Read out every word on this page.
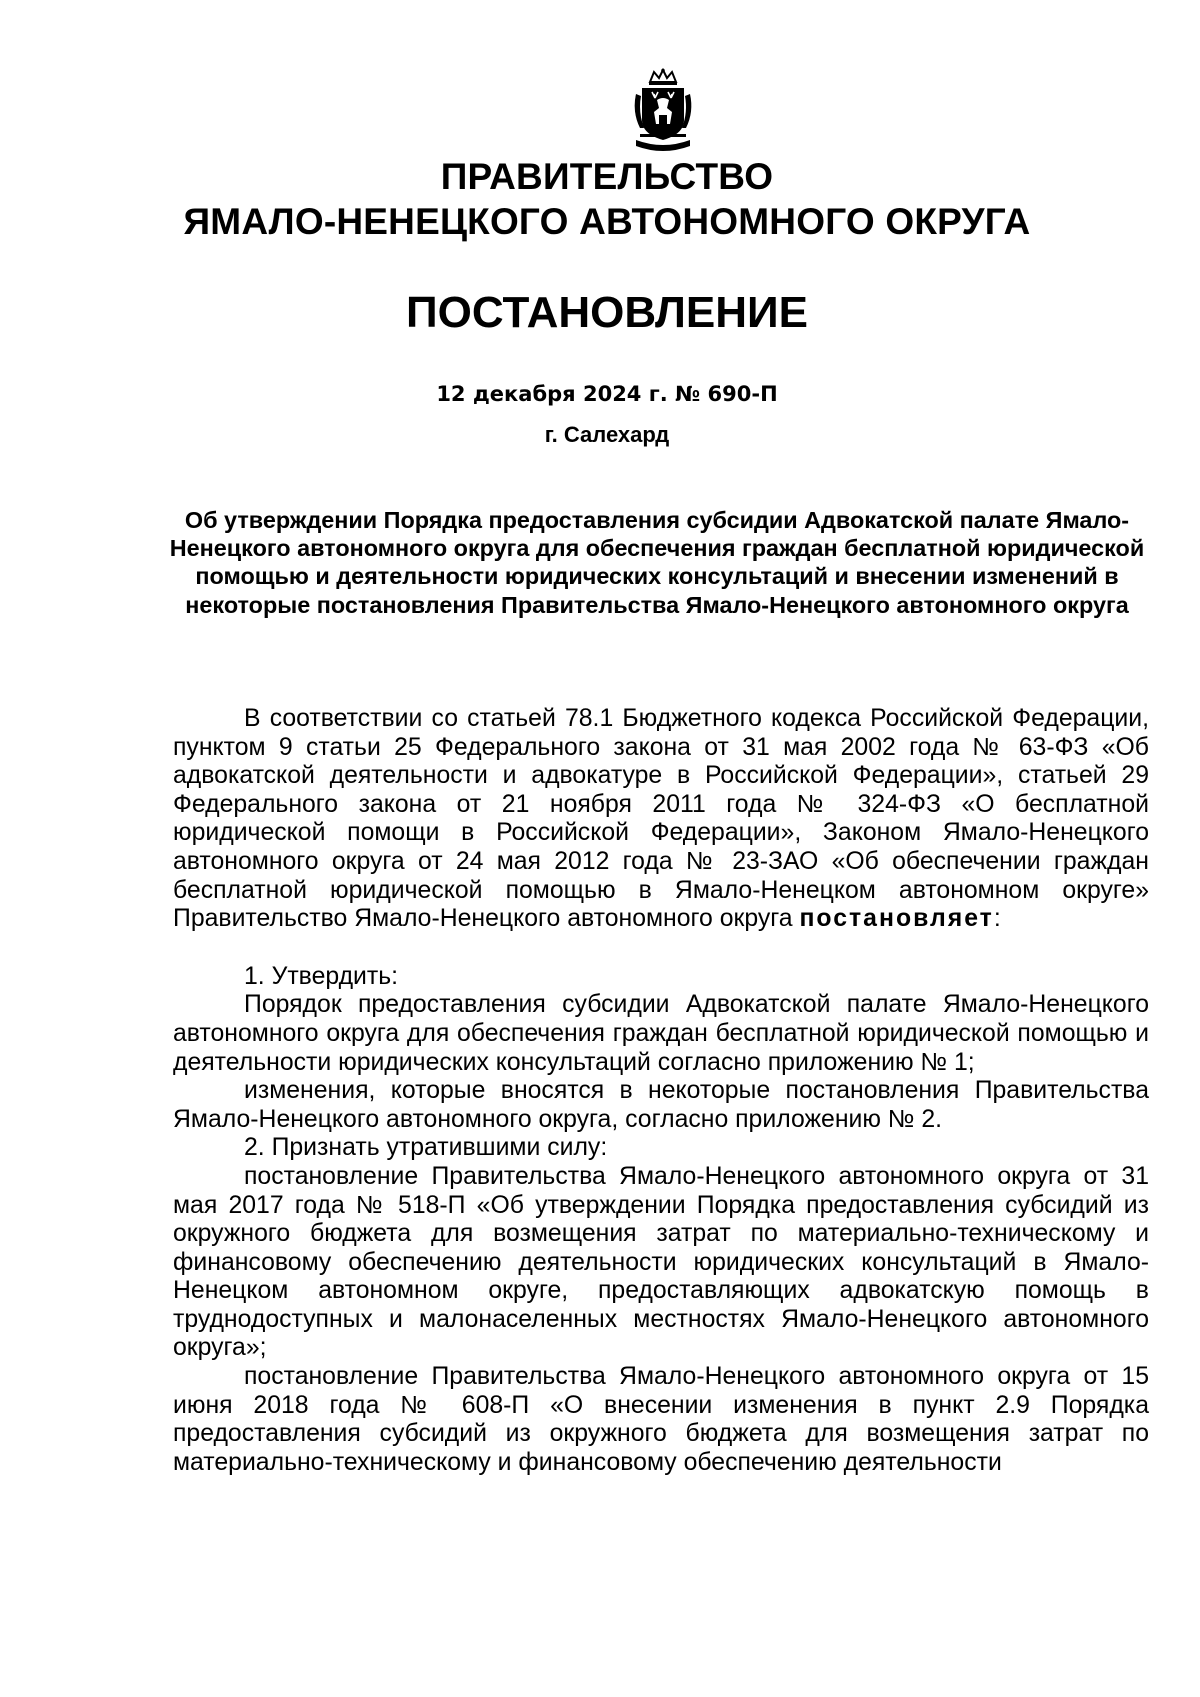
ПРАВИТЕЛЬСТВО
ЯМАЛО-НЕНЕЦКОГО АВТОНОМНОГО ОКРУГА
ПОСТАНОВЛЕНИЕ
12 декабря 2024 г. № 690-П
г. Салехард
Об утверждении Порядка предоставления субсидии Адвокатской палате Ямало-Ненецкого автономного округа для обеспечения граждан бесплатной юридической помощью и деятельности юридических консультаций и внесении изменений в некоторые постановления Правительства Ямало-Ненецкого автономного округа

В соответствии со статьей 78.1 Бюджетного кодекса Российской Федерации, пунктом 9 статьи 25 Федерального закона от 31 мая 2002 года № 63-ФЗ «Об адвокатской деятельности и адвокатуре в Российской Федерации», статьей 29 Федерального закона от 21 ноября 2011 года № 324-ФЗ «О бесплатной юридической помощи в Российской Федерации», Законом Ямало-Ненецкого автономного округа от 24 мая 2012 года № 23-ЗАО «Об обеспечении граждан бесплатной юридической помощью в Ямало-Ненецком автономном округе» Правительство Ямало-Ненецкого автономного округа постановляет:

1. Утвердить:

Порядок предоставления субсидии Адвокатской палате Ямало-Ненецкого автономного округа для обеспечения граждан бесплатной юридической помощью и деятельности юридических консультаций согласно приложению № 1;

изменения, которые вносятся в некоторые постановления Правительства Ямало-Ненецкого автономного округа, согласно приложению № 2.

2. Признать утратившими силу:

постановление Правительства Ямало-Ненецкого автономного округа от 31 мая 2017 года № 518-П «Об утверждении Порядка предоставления субсидий из окружного бюджета для возмещения затрат по материально-техническому и финансовому обеспечению деятельности юридических консультаций в Ямало-Ненецком автономном округе, предоставляющих адвокатскую помощь в труднодоступных и малонаселенных местностях Ямало-Ненецкого автономного округа»;

постановление Правительства Ямало-Ненецкого автономного округа от 15 июня 2018 года № 608-П «О внесении изменения в пункт 2.9 Порядка предоставления субсидий из окружного бюджета для возмещения затрат по материально-техническому и финансовому обеспечению деятельности
